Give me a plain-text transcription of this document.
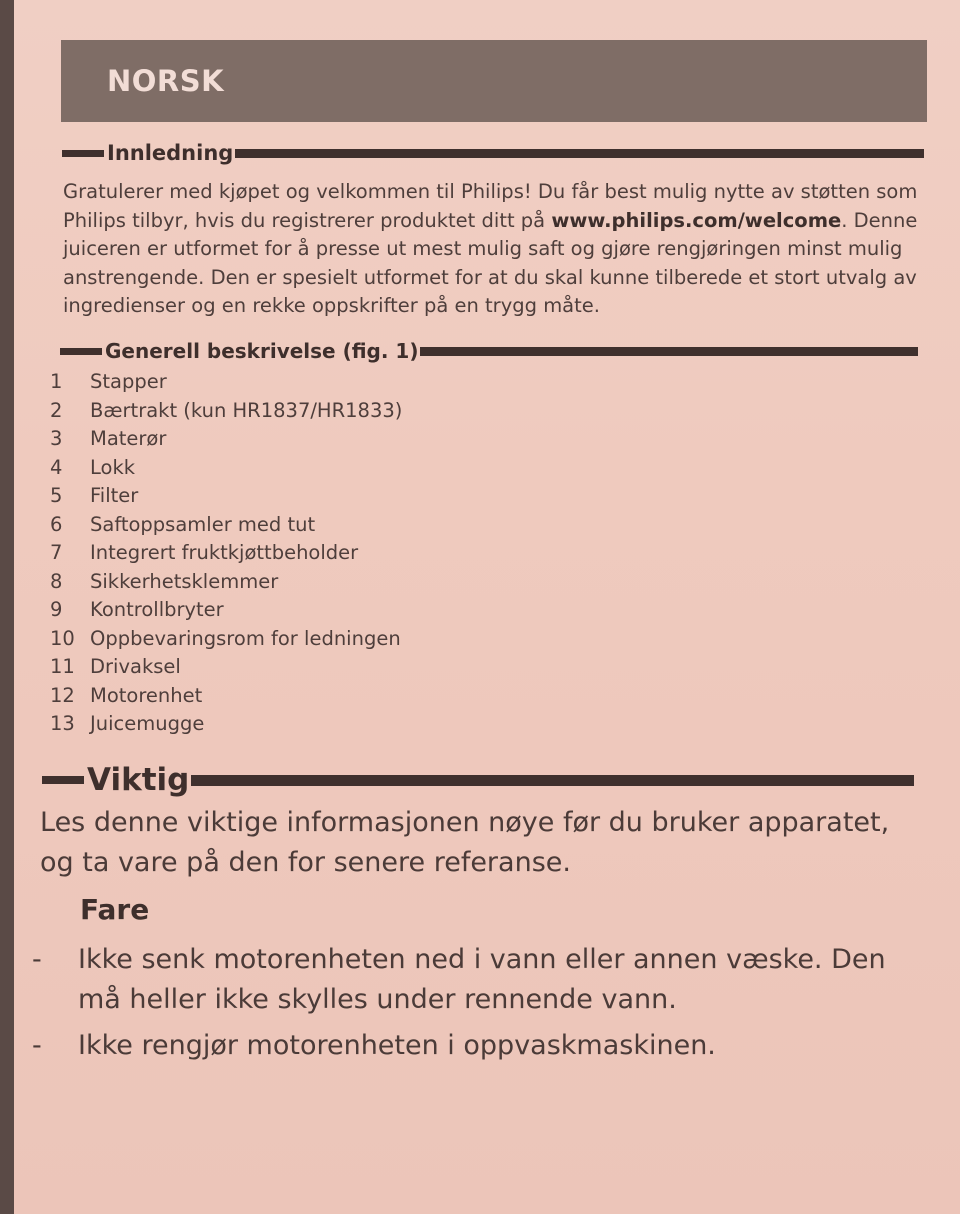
NORSK
Innledning

Gratulerer med kjøpet og velkommen til Philips! Du får best mulig nytte av støtten som Philips tilbyr, hvis du registrerer produktet ditt på www.philips.com/welcome. Denne juiceren er utformet for å presse ut mest mulig saft og gjøre rengjøringen minst mulig anstrengende. Den er spesielt utformet for at du skal kunne tilberede et stort utvalg av ingredienser og en rekke oppskrifter på en trygg måte.

Generell beskrivelse (fig. 1)
1	Stapper
2	Bærtrakt (kun HR1837/HR1833)
3	Materør
4	Lokk
5	Filter
6	Saftoppsamler med tut
7	Integrert fruktkjøttbeholder
8	Sikkerhetsklemmer
9	Kontrollbryter
10 Oppbevaringsrom for ledningen
11 Drivaksel
12 Motorenhet
13 Juicemugge
Viktig

Les denne viktige informasjonen nøye før du bruker apparatet, og ta vare på den for senere referanse.

Fare

-	Ikke senk motorenheten ned i vann eller annen væske. Den må heller ikke skylles under rennende vann.
-	Ikke rengjør motorenheten i oppvaskmaskinen.
